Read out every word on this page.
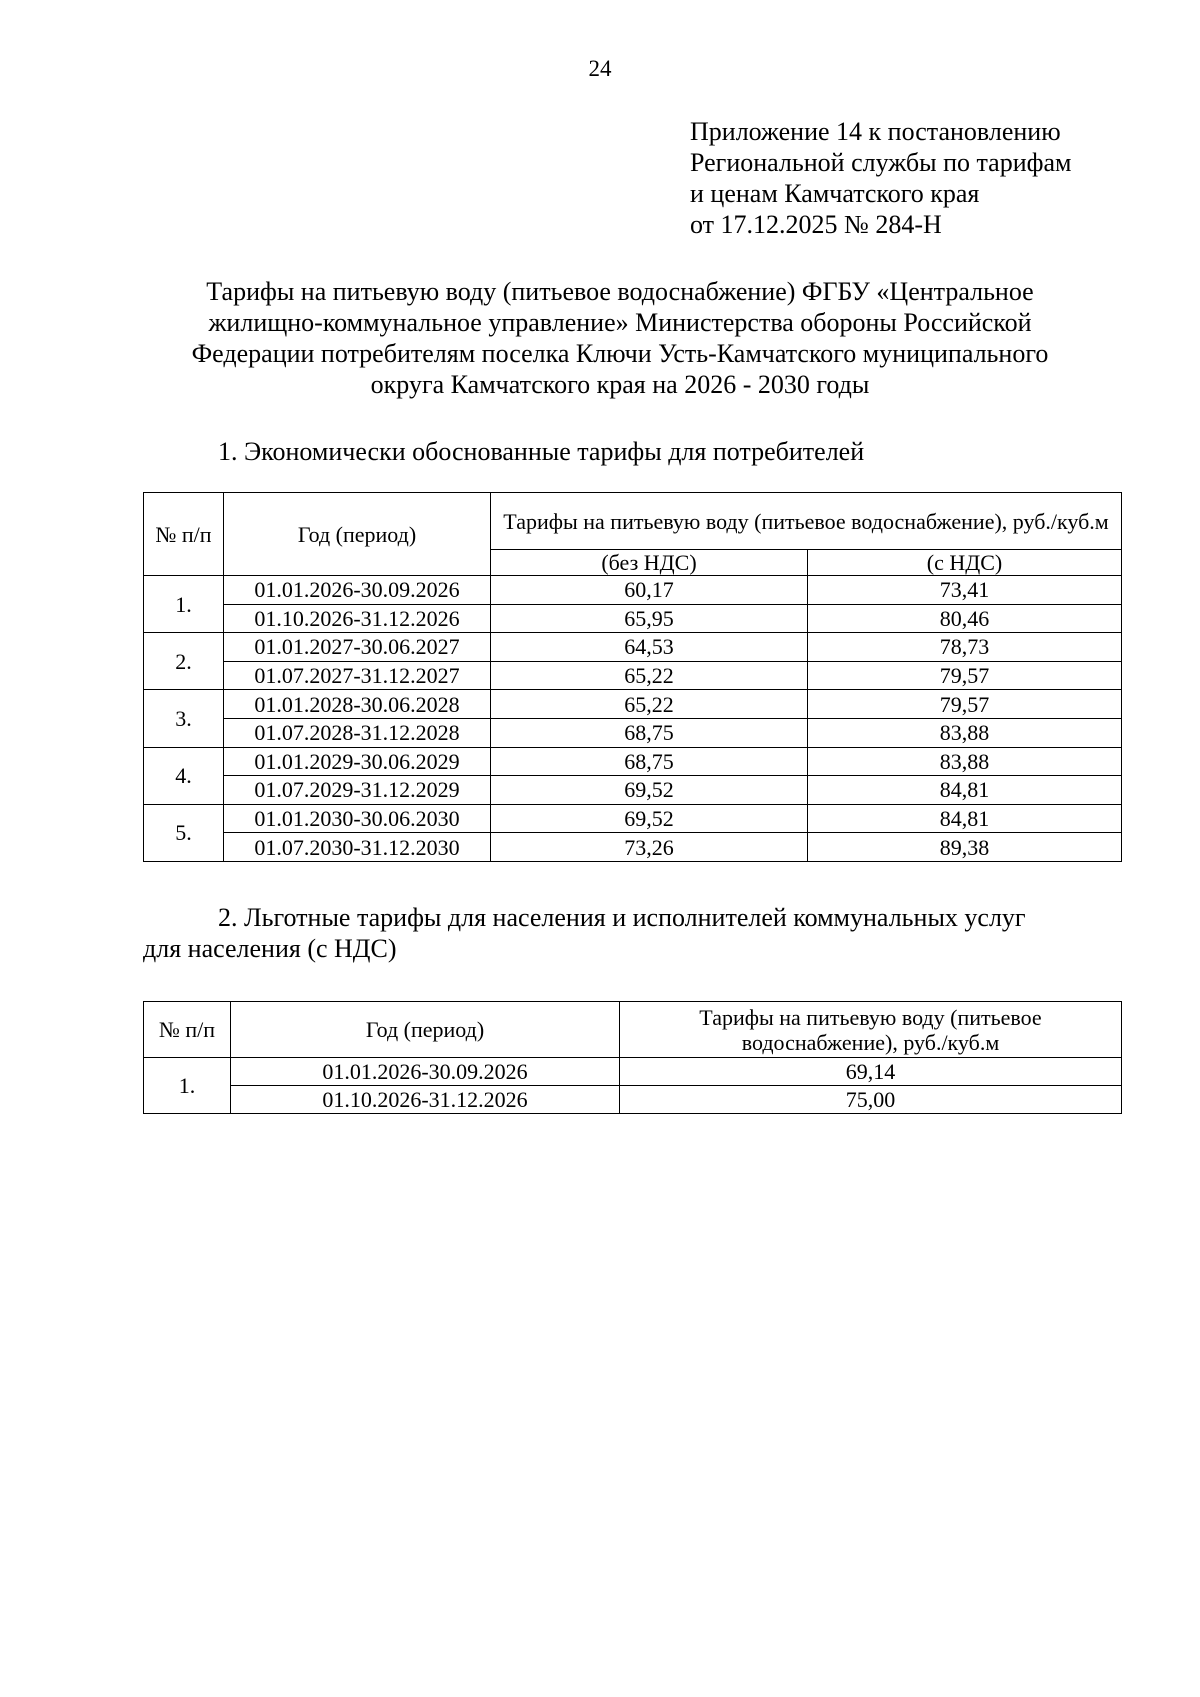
24
Приложение 14 к постановлению
Региональной службы по тарифам
и ценам Камчатского края
от 17.12.2025 № 284-Н
Тарифы на питьевую воду (питьевое водоснабжение) ФГБУ «Центральное
жилищно-коммунальное управление» Министерства обороны Российской
Федерации потребителям поселка Ключи Усть-Камчатского муниципального
округа Камчатского края на 2026 - 2030 годы
1. Экономически обоснованные тарифы для потребителей
№ п/п	Год (период)	Тарифы на питьевую воду (питьевое водоснабжение), руб./куб.м	
		(без НДС)	(с НДС)
1.	01.01.2026-30.09.2026	60,17	73,41
	01.10.2026-31.12.2026	65,95	80,46
2.	01.01.2027-30.06.2027	64,53	78,73
	01.07.2027-31.12.2027	65,22	79,57
3.	01.01.2028-30.06.2028	65,22	79,57
	01.07.2028-31.12.2028	68,75	83,88
4.	01.01.2029-30.06.2029	68,75	83,88
	01.07.2029-31.12.2029	69,52	84,81
5.	01.01.2030-30.06.2030	69,52	84,81
	01.07.2030-31.12.2030	73,26	89,38
2. Льготные тарифы для населения и исполнителей коммунальных услуг
для населения (с НДС)
№ п/п	Год (период)	Тарифы на питьевую воду (питьевое водоснабжение), руб./куб.м
1.	01.01.2026-30.09.2026	69,14
	01.10.2026-31.12.2026	75,00
